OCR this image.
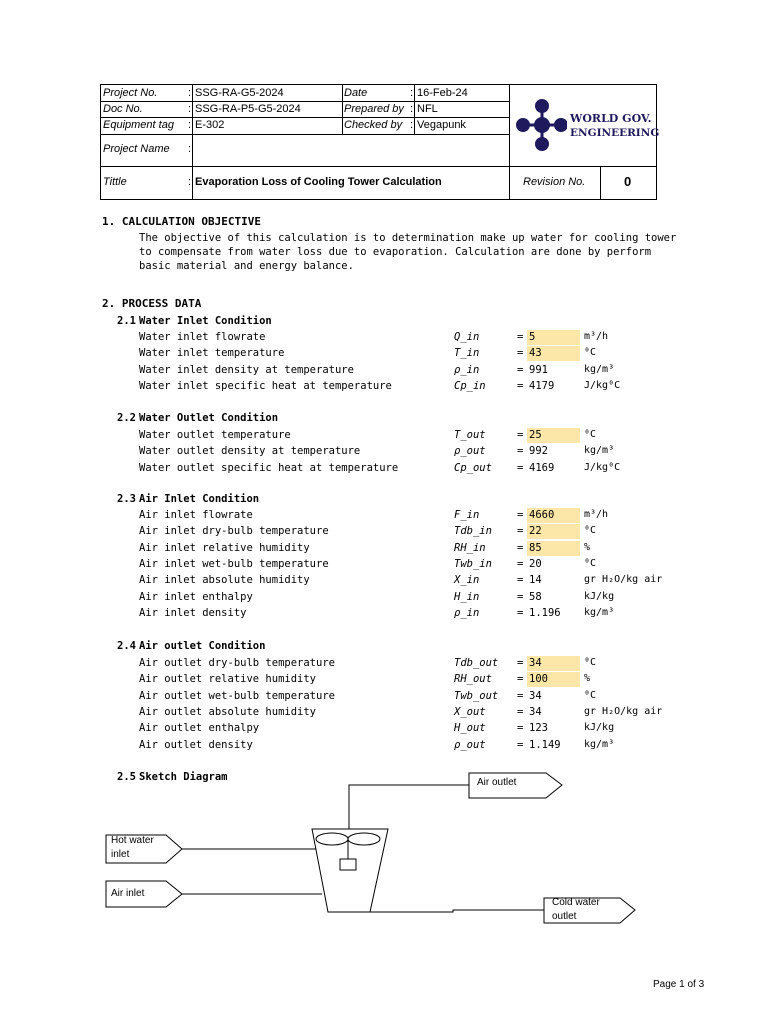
Project No.	: SSG-RA-G5-2024	Date	: 16-Feb-24
Doc No.	: SSG-RA-P5-G5-2024	Prepared by : NFL
Equipment tag : E-302	Checked by : Vegapunk
Project Name :
Tittle	: Evaporation Loss of Cooling Tower Calculation	Revision No.	0
WORLD GOV.
ENGINEERING
1. CALCULATION OBJECTIVE
The objective of this calculation is to determination make up water for cooling tower
to compensate from water loss due to evaporation. Calculation are done by perform
basic material and energy balance.
2. PROCESS DATA
2.1 Water Inlet Condition
Water inlet flowrate	Q_in	= 5	m³/h
Water inlet temperature	T_in	= 43	⁰C
Water inlet density at temperature	ρ_in	= 991	kg/m³
Water inlet specific heat at temperature	Cp_in	= 4179	J/kg⁰C
2.2 Water Outlet Condition
Water outlet temperature	T_out	= 25	⁰C
Water outlet density at temperature	ρ_out	= 992	kg/m³
Water outlet specific heat at temperature	Cp_out = 4169	J/kg⁰C
2.3 Air Inlet Condition
Air inlet flowrate	F_in	= 4660	m³/h
Air inlet dry-bulb temperature	Tdb_in = 22	⁰C
Air inlet relative humidity	RH_in	= 85	%
Air inlet wet-bulb temperature	Twb_in = 20	⁰C
Air inlet absolute humidity	X_in	= 14	gr H₂O/kg air
Air inlet enthalpy	H_in	= 58	kJ/kg
Air inlet density	ρ_in	= 1.196 kg/m³
2.4 Air outlet Condition
Air outlet dry-bulb temperature	Tdb_out = 34	⁰C
Air outlet relative humidity	RH_out = 100	%
Air outlet wet-bulb temperature	Twb_out = 34	⁰C
Air outlet absolute humidity	X_out	= 34	gr H₂O/kg air
Air outlet enthalpy	H_out	= 123	kJ/kg
Air outlet density	ρ_out	= 1.149 kg/m³
2.5 Sketch Diagram	Air outlet
Hot water
inlet
Air inlet
Cold water
outlet
Page 1 of 3
